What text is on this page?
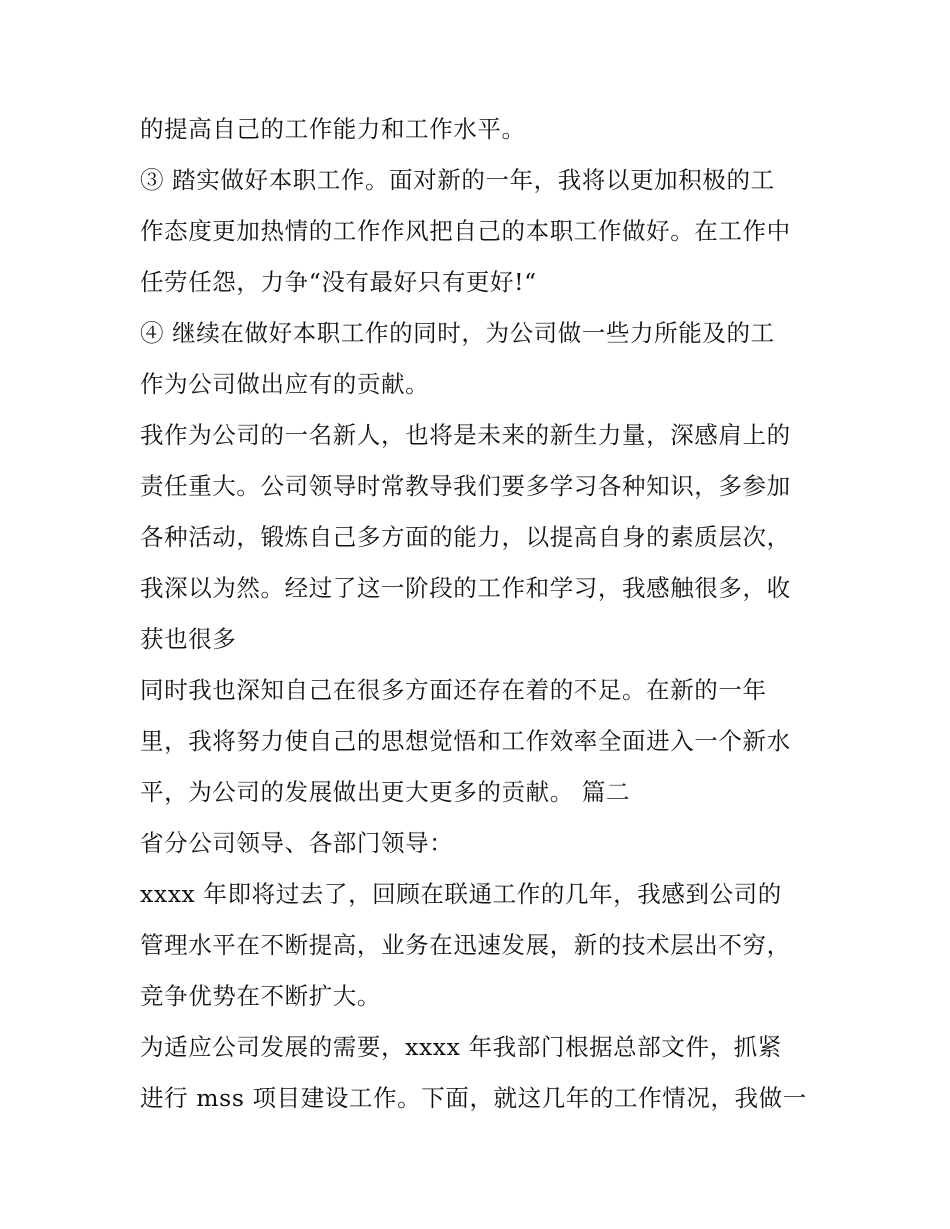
的提高自己的工作能力和工作水平。
③ 踏实做好本职工作。面对新的一年，我将以更加积极的工
作态度更加热情的工作作风把自己的本职工作做好。在工作中
任劳任怨，力争“没有最好只有更好!“
④ 继续在做好本职工作的同时，为公司做一些力所能及的工
作为公司做出应有的贡献。
我作为公司的一名新人，也将是未来的新生力量，深感肩上的
责任重大。公司领导时常教导我们要多学习各种知识，多参加
各种活动，锻炼自己多方面的能力，以提高自身的素质层次，
我深以为然。经过了这一阶段的工作和学习，我感触很多，收
获也很多
同时我也深知自己在很多方面还存在着的不足。在新的一年
里，我将努力使自己的思想觉悟和工作效率全面进入一个新水
平，为公司的发展做出更大更多的贡献。 篇二
省分公司领导、各部门领导：
xxxx 年即将过去了，回顾在联通工作的几年，我感到公司的
管理水平在不断提高，业务在迅速发展，新的技术层出不穷，
竞争优势在不断扩大。
为适应公司发展的需要，xxxx 年我部门根据总部文件，抓紧
进行 mss 项目建设工作。下面，就这几年的工作情况，我做一
